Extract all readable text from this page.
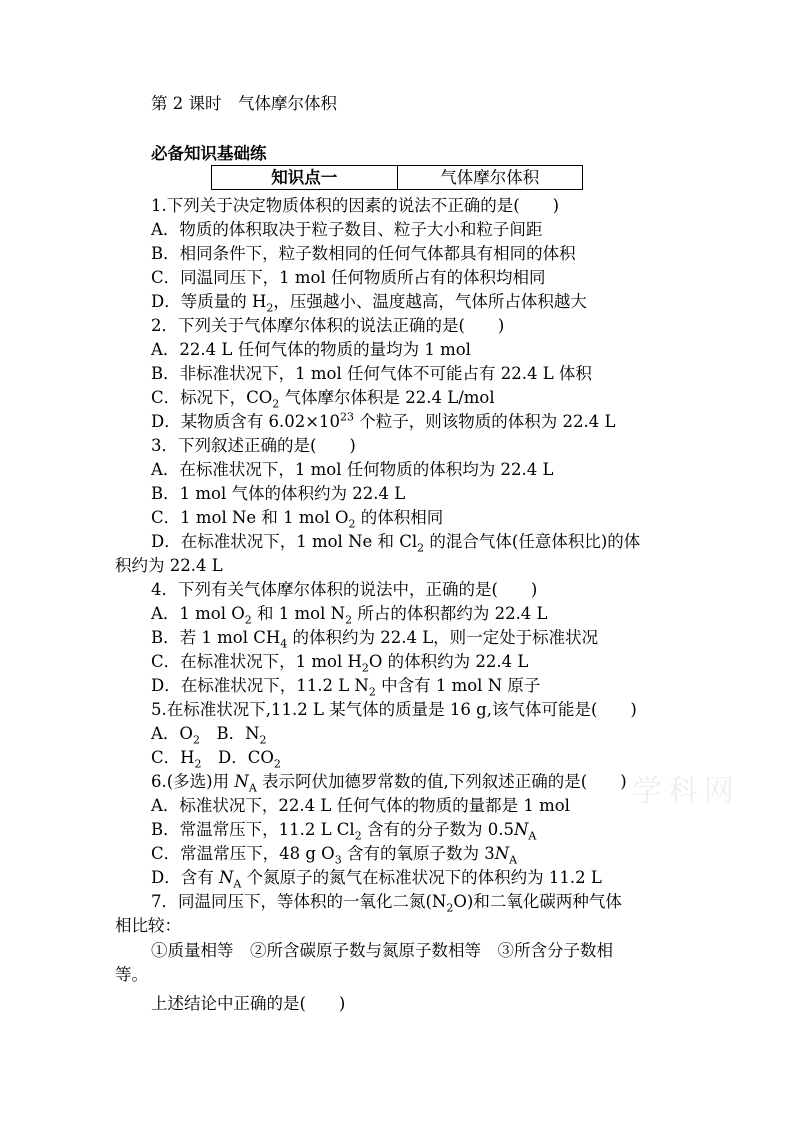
第 2 课时　气体摩尔体积
必备知识基础练
知识点一	气体摩尔体积
1.下列关于决定物质体积的因素的说法不正确的是(　　)
A．物质的体积取决于粒子数目、粒子大小和粒子间距
B．相同条件下，粒子数相同的任何气体都具有相同的体积
C．同温同压下，1 mol 任何物质所占有的体积均相同
D．等质量的 $H_2$，压强越小、温度越高，气体所占体积越大
2．下列关于气体摩尔体积的说法正确的是(　　)
A．22.4 L 任何气体的物质的量均为 1 mol
B．非标准状况下，1 mol 任何气体不可能占有 22.4 L 体积
C．标况下，$CO_2$ 气体摩尔体积是 22.4 L/mol
D．某物质含有 $6.02\times 10^{23}$ 个粒子，则该物质的体积为 22.4 L
3．下列叙述正确的是(　　)
A．在标准状况下，1 mol 任何物质的体积均为 22.4 L
B．1 mol 气体的体积约为 22.4 L
C．1 mol Ne 和 1 mol $O_2$ 的体积相同
D．在标准状况下，1 mol Ne 和 $Cl_2$ 的混合气体(任意体积比)的体
积约为 22.4 L
4．下列有关气体摩尔体积的说法中，正确的是(　　)
A．1 mol $O_2$ 和 1 mol $N_2$ 所占的体积都约为 22.4 L
B．若 1 mol $CH_4$ 的体积约为 22.4 L，则一定处于标准状况
C．在标准状况下，1 mol $H_2O$ 的体积约为 22.4 L
D．在标准状况下，11.2 L $N_2$ 中含有 1 mol N 原子
5.在标准状况下,11.2 L 某气体的质量是 16 g,该气体可能是(　　)
A．$O_2$　B．$N_2$
C．$H_2$　D．$CO_2$
6.(多选)用 $N_A$ 表示阿伏加德罗常数的值,下列叙述正确的是(　　)
A．标准状况下，22.4 L 任何气体的物质的量都是 1 mol
B．常温常压下，11.2 L $Cl_2$ 含有的分子数为 $0.5N_A$
C．常温常压下，48 g $O_3$ 含有的氧原子数为 $3N_A$
D．含有 $N_A$ 个氮原子的氮气在标准状况下的体积约为 11.2 L
7．同温同压下，等体积的一氧化二氮$(N_2O)$和二氧化碳两种气体
相比较：
①质量相等　②所含碳原子数与氮原子数相等　③所含分子数相
等。
上述结论中正确的是(　　)
学科网
